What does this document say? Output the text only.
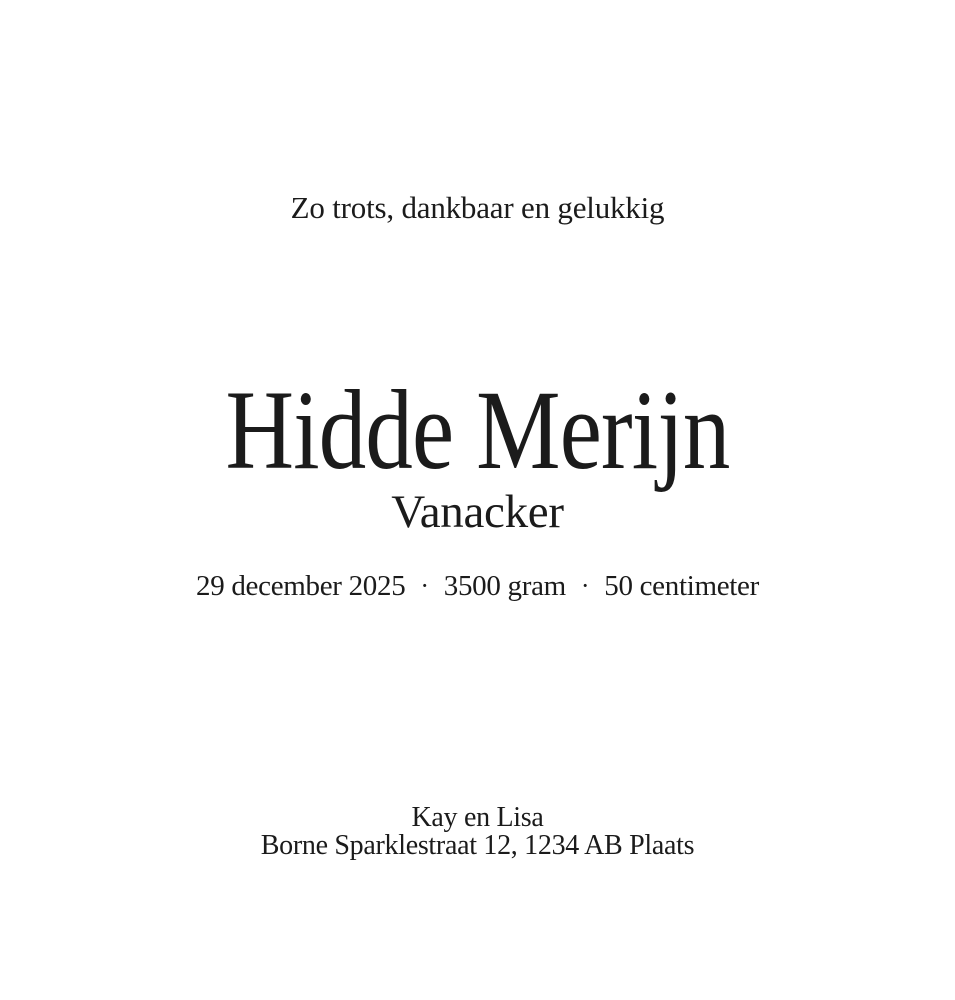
Zo trots, dankbaar en gelukkig
Hidde Merijn
Vanacker
29 december 2025 · 3500 gram · 50 centimeter
Kay en Lisa
Borne Sparklestraat 12, 1234 AB Plaats
